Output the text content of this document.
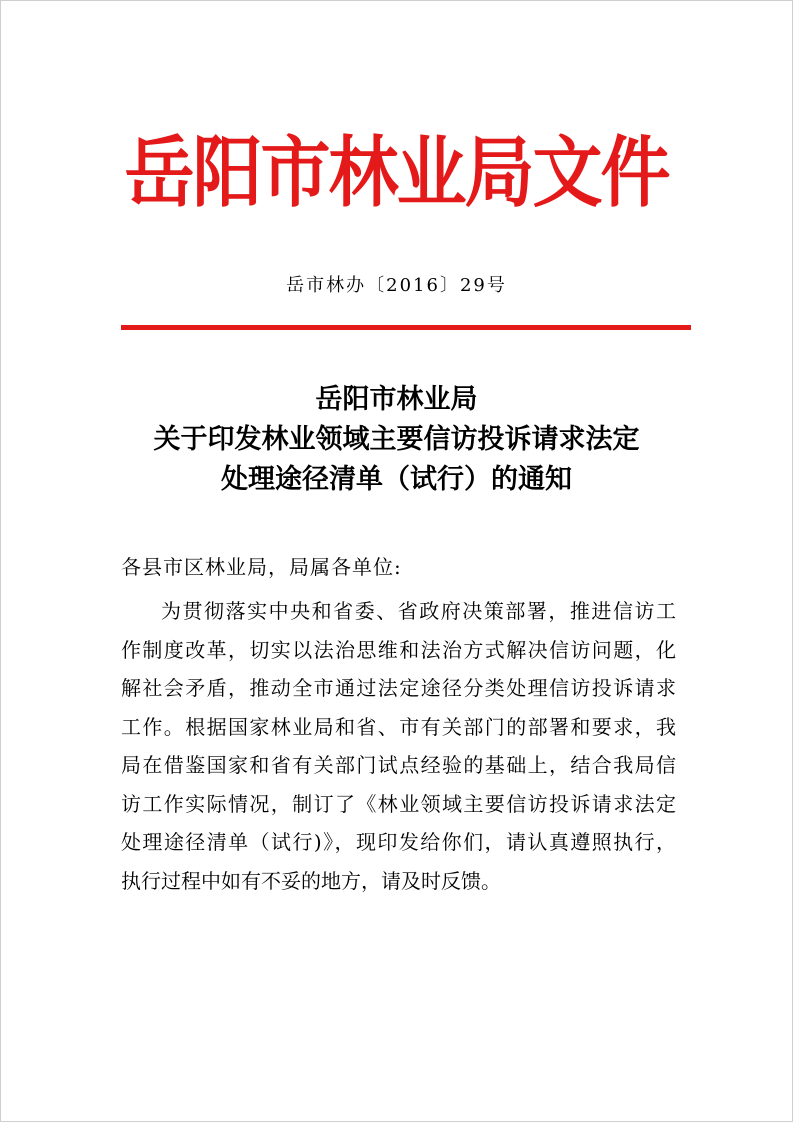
岳阳市林业局文件
岳市林办〔2016〕29号
岳阳市林业局
关于印发林业领域主要信访投诉请求法定
处理途径清单（试行）的通知
各县市区林业局，局属各单位:
为贯彻落实中央和省委、省政府决策部署，推进信访工
作制度改革，切实以法治思维和法治方式解决信访问题，化
解社会矛盾，推动全市通过法定途径分类处理信访投诉请求
工作。根据国家林业局和省、市有关部门的部署和要求，我
局在借鉴国家和省有关部门试点经验的基础上，结合我局信
访工作实际情况，制订了《林业领域主要信访投诉请求法定
处理途径清单（试行)》，现印发给你们，请认真遵照执行，
执行过程中如有不妥的地方，请及时反馈。
